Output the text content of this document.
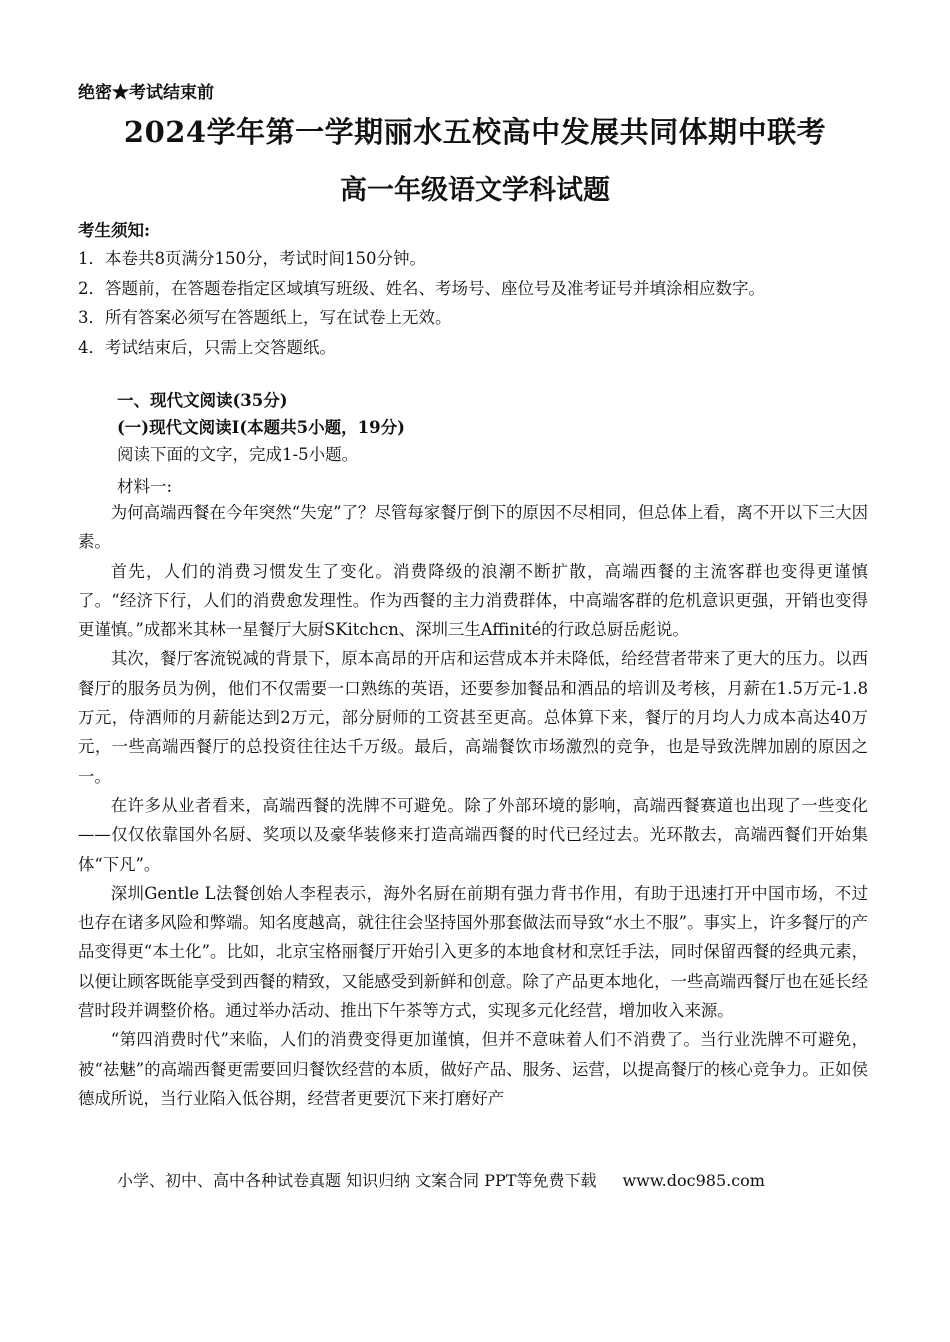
绝密★考试结束前
2024学年第一学期丽水五校高中发展共同体期中联考
高一年级语文学科试题
考生须知:
1．本卷共8页满分150分，考试时间150分钟。
2．答题前，在答题卷指定区域填写班级、姓名、考场号、座位号及准考证号并填涂相应数字。
3．所有答案必须写在答题纸上，写在试卷上无效。
4．考试结束后，只需上交答题纸。
一、现代文阅读(35分)
(一)现代文阅读Ⅰ(本题共5小题，19分)
阅读下面的文字，完成1-5小题。
材料一:

为何高端西餐在今年突然“失宠”了？尽管每家餐厅倒下的原因不尽相同，但总体上看，离不开以下三大因素。

首先，人们的消费习惯发生了变化。消费降级的浪潮不断扩散，高端西餐的主流客群也变得更谨慎了。“经济下行，人们的消费愈发理性。作为西餐的主力消费群体，中高端客群的危机意识更强，开销也变得更谨慎。”成都米其林一星餐厅大厨SKitchcn、深圳三生Affinité的行政总厨岳彪说。

其次，餐厅客流锐减的背景下，原本高昂的开店和运营成本并未降低，给经营者带来了更大的压力。以西餐厅的服务员为例，他们不仅需要一口熟练的英语，还要参加餐品和酒品的培训及考核，月薪在1.5万元-1.8万元，侍酒师的月薪能达到2万元，部分厨师的工资甚至更高。总体算下来，餐厅的月均人力成本高达40万元，一些高端西餐厅的总投资往往达千万级。最后，高端餐饮市场激烈的竞争，也是导致洗牌加剧的原因之一。

在许多从业者看来，高端西餐的洗牌不可避免。除了外部环境的影响，高端西餐赛道也出现了一些变化——仅仅依靠国外名厨、奖项以及豪华装修来打造高端西餐的时代已经过去。光环散去，高端西餐们开始集体“下凡”。

深圳Gentle L法餐创始人李程表示，海外名厨在前期有强力背书作用，有助于迅速打开中国市场，不过也存在诸多风险和弊端。知名度越高，就往往会坚持国外那套做法而导致“水土不服”。事实上，许多餐厅的产品变得更“本土化”。比如，北京宝格丽餐厅开始引入更多的本地食材和烹饪手法，同时保留西餐的经典元素，以便让顾客既能享受到西餐的精致，又能感受到新鲜和创意。除了产品更本地化，一些高端西餐厅也在延长经营时段并调整价格。通过举办活动、推出下午茶等方式，实现多元化经营，增加收入来源。

“第四消费时代”来临，人们的消费变得更加谨慎，但并不意味着人们不消费了。当行业洗牌不可避免，被“祛魅”的高端西餐更需要回归餐饮经营的本质，做好产品、服务、运营，以提高餐厅的核心竞争力。正如侯德成所说，当行业陷入低谷期，经营者更要沉下来打磨好产

小学、初中、高中各种试卷真题 知识归纳 文案合同 PPT等免费下载 www.doc985.com
